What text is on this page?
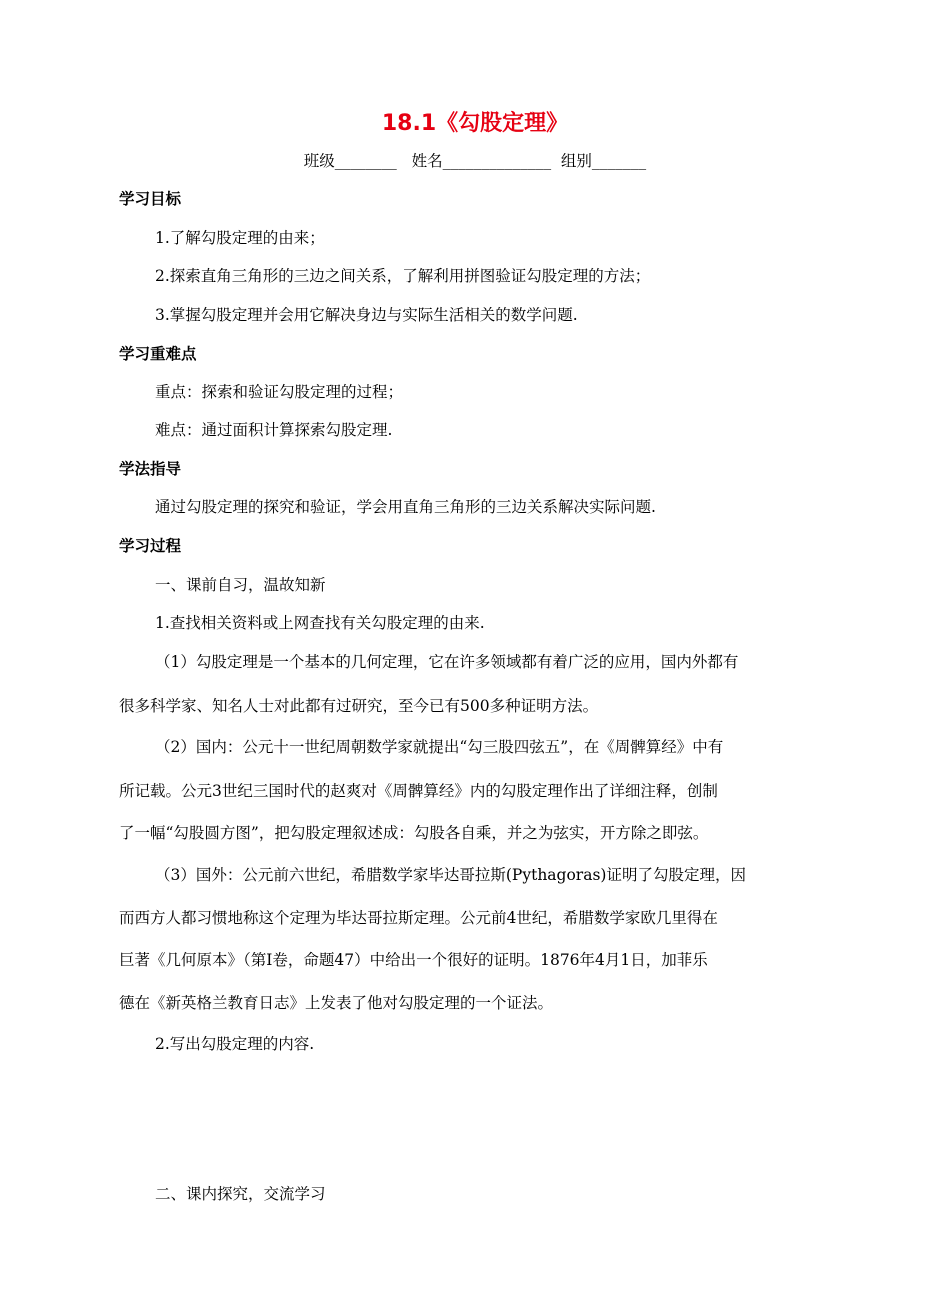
18.1《勾股定理》
班级________   姓名______________  组别_______
学习目标
1.了解勾股定理的由来；
2.探索直角三角形的三边之间关系，了解利用拼图验证勾股定理的方法；
3.掌握勾股定理并会用它解决身边与实际生活相关的数学问题.
学习重难点
重点：探索和验证勾股定理的过程；
难点：通过面积计算探索勾股定理.
学法指导
通过勾股定理的探究和验证，学会用直角三角形的三边关系解决实际问题.
学习过程
一、课前自习，温故知新
1.查找相关资料或上网查找有关勾股定理的由来.
（1）勾股定理是一个基本的几何定理，它在许多领域都有着广泛的应用，国内外都有
很多科学家、知名人士对此都有过研究，至今已有500多种证明方法。
（2）国内：公元十一世纪周朝数学家就提出“勾三股四弦五”，在《周髀算经》中有
所记载。公元3世纪三国时代的赵爽对《周髀算经》内的勾股定理作出了详细注释，创制
了一幅“勾股圆方图”，把勾股定理叙述成：勾股各自乘，并之为弦实，开方除之即弦。
（3）国外：公元前六世纪，希腊数学家毕达哥拉斯(Pythagoras)证明了勾股定理，因
而西方人都习惯地称这个定理为毕达哥拉斯定理。公元前4世纪，希腊数学家欧几里得在
巨著《几何原本》（第Ⅰ卷，命题47）中给出一个很好的证明。1876年4月1日，加菲乐
德在《新英格兰教育日志》上发表了他对勾股定理的一个证法。
2.写出勾股定理的内容.
二、课内探究，交流学习
